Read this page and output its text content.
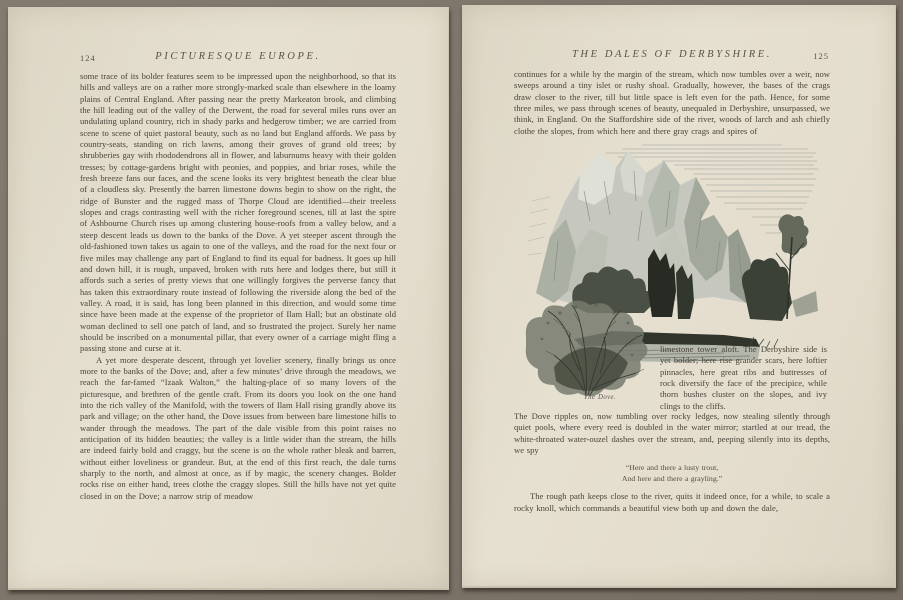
124	PICTURESQUE EUROPE.

some trace of its bolder features seem to be impressed upon the neighborhood, so that its hills and valleys are on a rather more strongly-marked scale than elsewhere in the loamy plains of Central England. After passing near the pretty Markeaton brook, and climbing the hill leading out of the valley of the Derwent, the road for several miles runs over an undulating upland country, rich in shady parks and hedgerow timber; we are carried from scene to scene of quiet pastoral beauty, such as no land but England affords. We pass by country-seats, standing on rich lawns, among their groves of grand old trees; by shrubberies gay with rhododendrons all in flower, and laburnums heavy with their golden tresses; by cottage-gardens bright with peonies, and poppies, and briar roses, while the fresh breeze fans our faces, and the scene looks its very brightest beneath the clear blue of a cloudless sky. Presently the barren limestone downs begin to show on the right, the ridge of Bunster and the rugged mass of Thorpe Cloud are identified—their treeless slopes and crags contrasting well with the richer foreground scenes, till at last the spire of Ashbourne Church rises up among clustering house-roofs from a valley below, and a steep descent leads us down to the banks of the Dove. A yet steeper ascent through the old-fashioned town takes us again to one of the valleys, and the road for the next four or five miles may challenge any part of England to find its equal for badness. It goes up hill and down hill, it is rough, unpaved, broken with ruts here and lodges there, but still it affords such a series of pretty views that one willingly forgives the perverse fancy that has taken this extraordinary route instead of following the riverside along the bed of the valley. A road, it is said, has long been planned in this direction, and would some time since have been made at the expense of the proprietor of Ilam Hall; but an obstinate old woman declined to sell one patch of land, and so frustrated the project. Surely her name should be inscribed on a monumental pillar, that every owner of a carriage might fling a passing stone and curse at it.

A yet more desperate descent, through yet lovelier scenery, finally brings us once more to the banks of the Dove; and, after a few minutes’ drive through the meadows, we reach the far-famed “Izaak Walton,” the halting-place of so many lovers of the picturesque, and brethren of the gentle craft. From its doors you look on the one hand into the rich valley of the Manifold, with the towers of Ilam Hall rising grandly above its park and village; on the other hand, the Dove issues from between bare limestone hills to wander through the meadows. The part of the dale visible from this point raises no anticipation of its hidden beauties; the valley is a little wider than the stream, the hills are indeed fairly bold and craggy, but the scene is on the whole rather bleak and barren, without either loveliness or grandeur. But, at the end of this first reach, the dale turns sharply to the north, and almost at once, as if by magic, the scenery changes. Bolder rocks rise on either hand, trees clothe the craggy slopes. Still the hills have not yet quite closed in on the Dove; a narrow strip of meadow

THE DALES OF DERBYSHIRE.	125

continues for a while by the margin of the stream, which now tumbles over a weir, now sweeps around a tiny islet or rushy shoal. Gradually, however, the bases of the crags draw closer to the river, till but little space is left even for the path. Hence, for some three miles, we pass through scenes of beauty, unequaled in Derbyshire, unsurpassed, we think, in England. On the Staffordshire side of the river, woods of larch and ash chiefly clothe the slopes, from which here and there gray crags and spires of

The Dove.
limestone tower aloft. The Derbyshire side is yet bolder; here rise grander scars, here loftier pinnacles, here great ribs and buttresses of rock diversify the face of the precipice, while thorn bushes cluster on the slopes, and ivy clings to the cliffs.

The Dove ripples on, now tumbling over rocky ledges, now stealing silently through quiet pools, where every reed is doubled in the water mirror; startled at our tread, the white-throated water-ouzel dashes over the stream, and, peeping silently into its depths, we spy

“Here and there a lusty trout,
And here and there a grayling.”

The rough path keeps close to the river, quits it indeed once, for a while, to scale a rocky knoll, which commands a beautiful view both up and down the dale,
